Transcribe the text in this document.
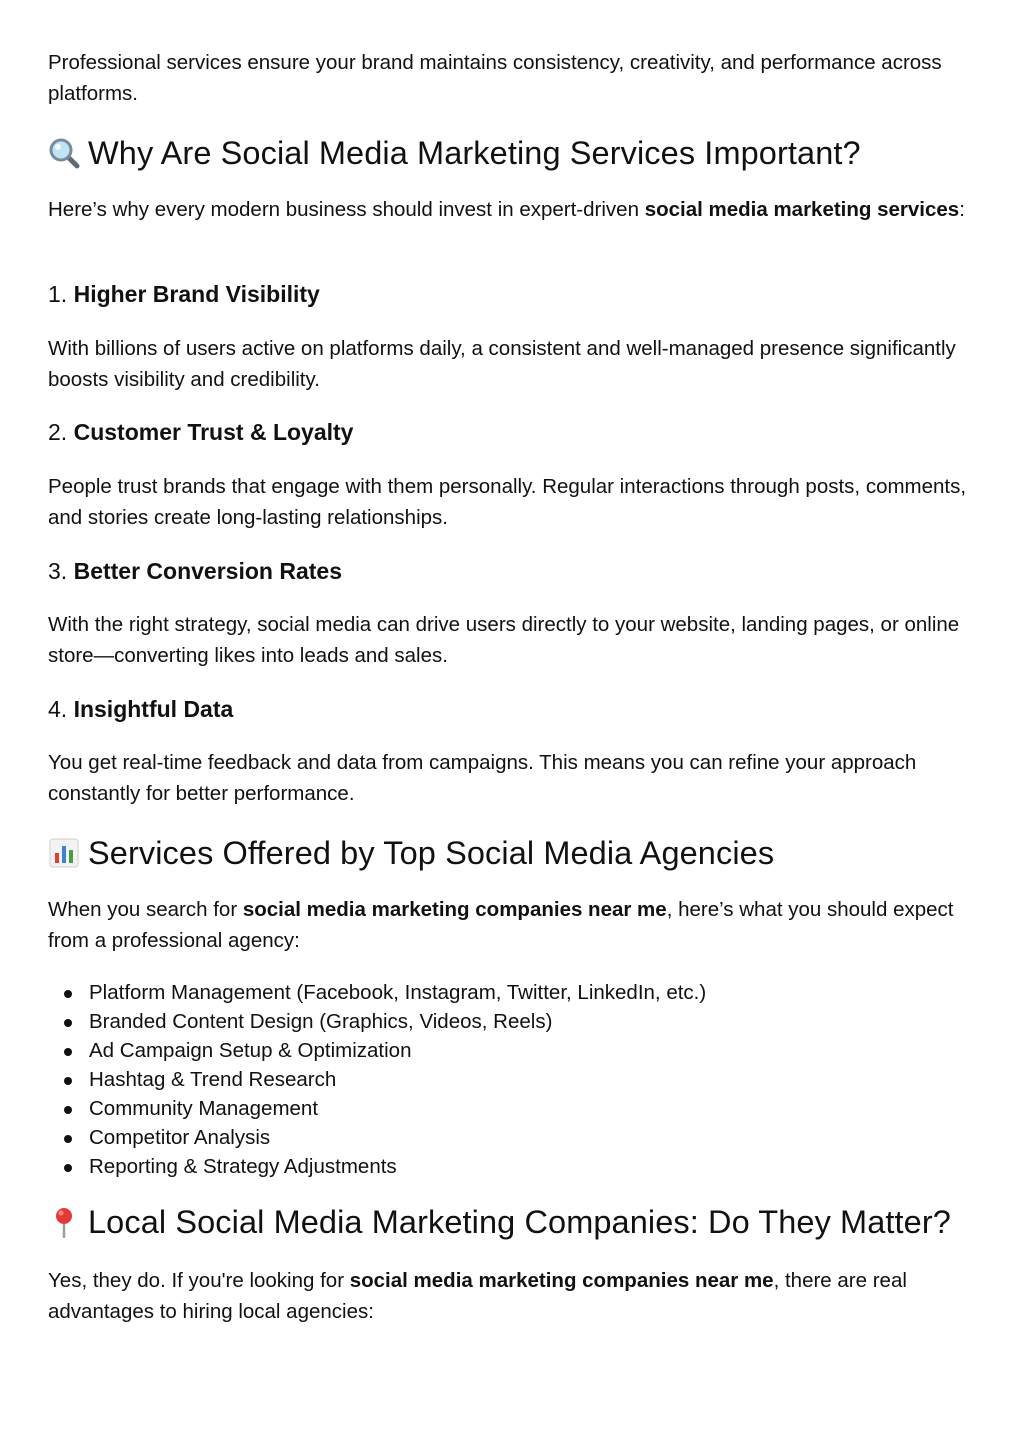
Professional services ensure your brand maintains consistency, creativity, and performance across platforms.

Why Are Social Media Marketing Services Important?

Here’s why every modern business should invest in expert-driven social media marketing services:

1. Higher Brand Visibility

With billions of users active on platforms daily, a consistent and well-managed presence significantly boosts visibility and credibility.

2. Customer Trust & Loyalty

People trust brands that engage with them personally. Regular interactions through posts, comments, and stories create long-lasting relationships.

3. Better Conversion Rates

With the right strategy, social media can drive users directly to your website, landing pages, or online store—converting likes into leads and sales.

4. Insightful Data

You get real-time feedback and data from campaigns. This means you can refine your approach constantly for better performance.

Services Offered by Top Social Media Agencies

When you search for social media marketing companies near me, here’s what you should expect from a professional agency:

Platform Management (Facebook, Instagram, Twitter, LinkedIn, etc.)
Branded Content Design (Graphics, Videos, Reels)
Ad Campaign Setup & Optimization
Hashtag & Trend Research
Community Management
Competitor Analysis
Reporting & Strategy Adjustments
Local Social Media Marketing Companies: Do They Matter?

Yes, they do. If you're looking for social media marketing companies near me, there are real advantages to hiring local agencies:
